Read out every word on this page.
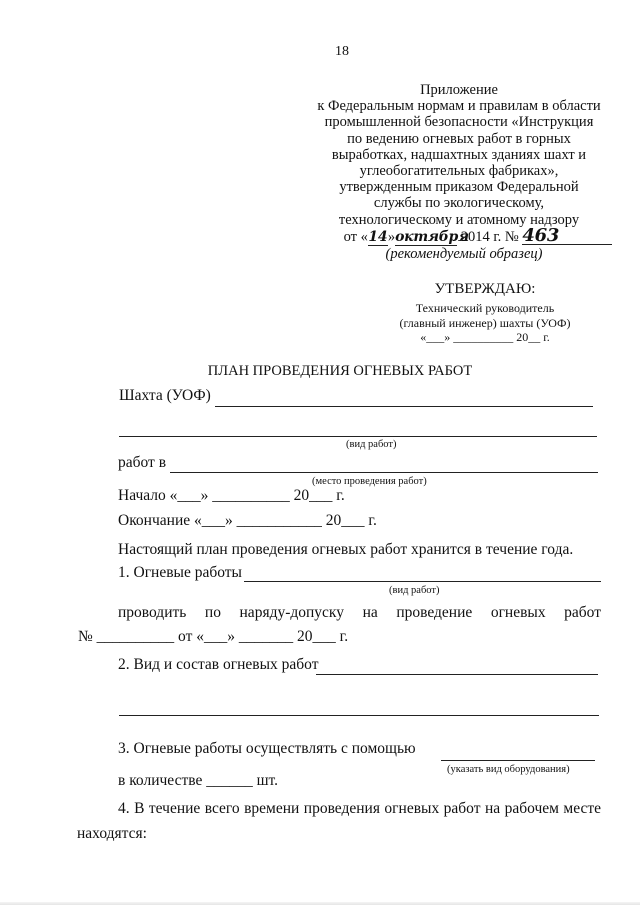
18
Приложение
к Федеральным нормам и правилам в области
промышленной безопасности «Инструкция
по ведению огневых работ в горных
выработках, надшахтных зданиях шахт и
углеобогатительных фабриках»,
утвержденным приказом Федеральной
службы по экологическому,
технологическому и атомному надзору
от «14»октября 2014 г. № 463
(рекомендуемый образец)
УТВЕРЖДАЮ:
Технический руководитель
(главный инженер) шахты (УОФ)
«___» __________ 20__ г.
ПЛАН ПРОВЕДЕНИЯ ОГНЕВЫХ РАБОТ
Шахта (УОФ)
(вид работ)
работ в
(место проведения работ)
Начало «___» __________ 20___ г.
Окончание «___» ___________ 20___ г.
Настоящий план проведения огневых работ хранится в течение года.
1. Огневые работы
(вид работ)
проводить по наряду-допуску на проведение огневых работ
№ __________ от «___» _______ 20___ г.
2. Вид и состав огневых работ
3. Огневые работы осуществлять с помощью
(указать вид оборудования)
в количестве ______ шт.
4. В течение всего времени проведения огневых работ на рабочем месте
находятся:
